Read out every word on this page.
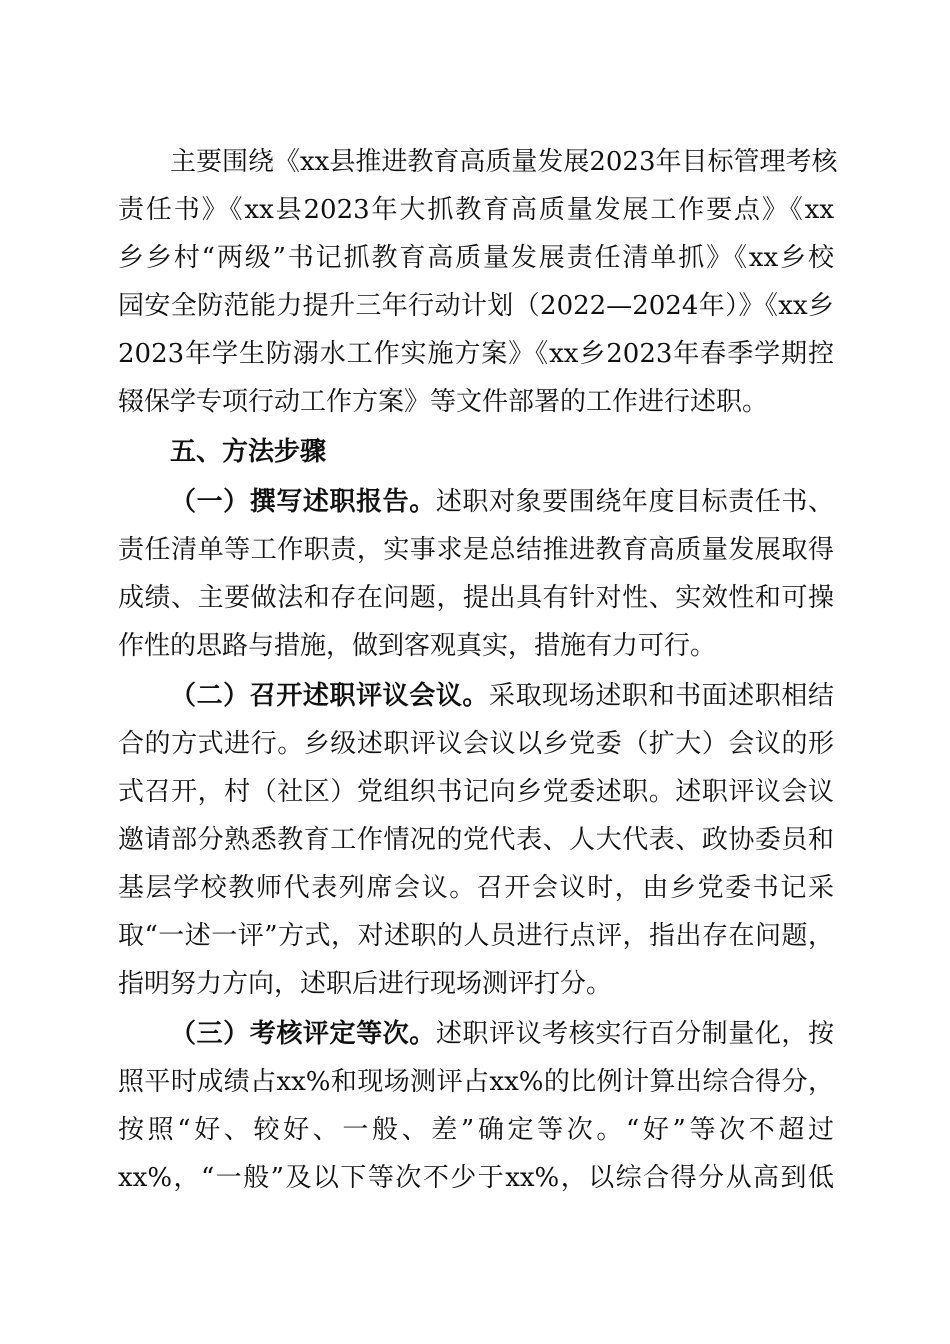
主要围绕《xx县推进教育高质量发展2023年目标管理考核
责任书》《xx县2023年大抓教育高质量发展工作要点》《xx
乡乡村“两级”书记抓教育高质量发展责任清单抓》《xx乡校
园安全防范能力提升三年行动计划（2022—2024年）》《xx乡
2023年学生防溺水工作实施方案》《xx乡2023年春季学期控
辍保学专项行动工作方案》等文件部署的工作进行述职。
五、方法步骤
（一）撰写述职报告。述职对象要围绕年度目标责任书、
责任清单等工作职责，实事求是总结推进教育高质量发展取得
成绩、主要做法和存在问题，提出具有针对性、实效性和可操
作性的思路与措施，做到客观真实，措施有力可行。
（二）召开述职评议会议。采取现场述职和书面述职相结
合的方式进行。乡级述职评议会议以乡党委（扩大）会议的形
式召开，村（社区）党组织书记向乡党委述职。述职评议会议
邀请部分熟悉教育工作情况的党代表、人大代表、政协委员和
基层学校教师代表列席会议。召开会议时，由乡党委书记采
取“一述一评”方式，对述职的人员进行点评，指出存在问题，
指明努力方向，述职后进行现场测评打分。
（三）考核评定等次。述职评议考核实行百分制量化，按
照平时成绩占xx%和现场测评占xx%的比例计算出综合得分，
按照“好、较好、一般、差”确定等次。“好”等次不超过
xx%，“一般”及以下等次不少于xx%，以综合得分从高到低
